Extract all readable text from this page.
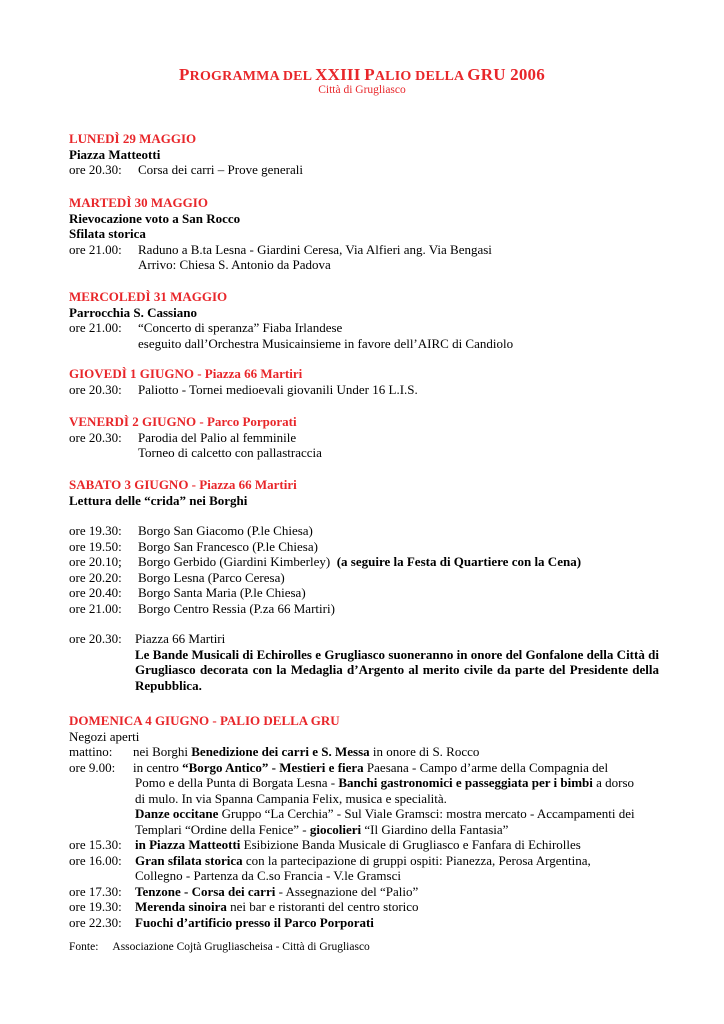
PROGRAMMA DEL XXIII PALIO DELLA GRU 2006
Città di Grugliasco
LUNEDÌ 29 MAGGIO
Piazza Matteotti
ore 20.30: Corsa dei carri – Prove generali
MARTEDÌ 30 MAGGIO
Rievocazione voto a San Rocco
Sfilata storica
ore 21.00: Raduno a B.ta Lesna - Giardini Ceresa, Via Alfieri ang. Via Bengasi
Arrivo: Chiesa S. Antonio da Padova
MERCOLEDÌ 31 MAGGIO
Parrocchia S. Cassiano
ore 21.00: “Concerto di speranza” Fiaba Irlandese
eseguito dall’Orchestra Musicainsieme in favore dell’AIRC di Candiolo
GIOVEDÌ 1 GIUGNO - Piazza 66 Martiri
ore 20.30: Paliotto - Tornei medioevali giovanili Under 16 L.I.S.
VENERDÌ 2 GIUGNO - Parco Porporati
ore 20.30: Parodia del Palio al femminile
Torneo di calcetto con pallastraccia
SABATO 3 GIUGNO - Piazza 66 Martiri
Lettura delle “crida” nei Borghi
ore 19.30: Borgo San Giacomo (P.le Chiesa)
ore 19.50: Borgo San Francesco (P.le Chiesa)
ore 20.10; Borgo Gerbido (Giardini Kimberley) (a seguire la Festa di Quartiere con la Cena)
ore 20.20: Borgo Lesna (Parco Ceresa)
ore 20.40: Borgo Santa Maria (P.le Chiesa)
ore 21.00: Borgo Centro Ressia (P.za 66 Martiri)
ore 20.30: Piazza 66 Martiri
Le Bande Musicali di Echirolles e Grugliasco suoneranno in onore del Gonfalone della Città di Grugliasco decorata con la Medaglia d’Argento al merito civile da parte del Presidente della Repubblica.
DOMENICA 4 GIUGNO - PALIO DELLA GRU
Negozi aperti
mattino: nei Borghi Benedizione dei carri e S. Messa in onore di S. Rocco
ore 9.00: in centro “Borgo Antico” - Mestieri e fiera Paesana - Campo d’arme della Compagnia del
Pomo e della Punta di Borgata Lesna - Banchi gastronomici e passeggiata per i bimbi a dorso
di mulo. In via Spanna Campania Felix, musica e specialità.
Danze occitane Gruppo “La Cerchia” - Sul Viale Gramsci: mostra mercato - Accampamenti dei
Templari “Ordine della Fenice” - giocolieri “Il Giardino della Fantasia”
ore 15.30: in Piazza Matteotti Esibizione Banda Musicale di Grugliasco e Fanfara di Echirolles
ore 16.00: Gran sfilata storica con la partecipazione di gruppi ospiti: Pianezza, Perosa Argentina,
Collegno - Partenza da C.so Francia - V.le Gramsci
ore 17.30: Tenzone - Corsa dei carri - Assegnazione del “Palio”
ore 19.30: Merenda sinoira nei bar e ristoranti del centro storico
ore 22.30: Fuochi d’artificio presso il Parco Porporati
Fonte: Associazione Cojtà Grugliascheisa - Città di Grugliasco
